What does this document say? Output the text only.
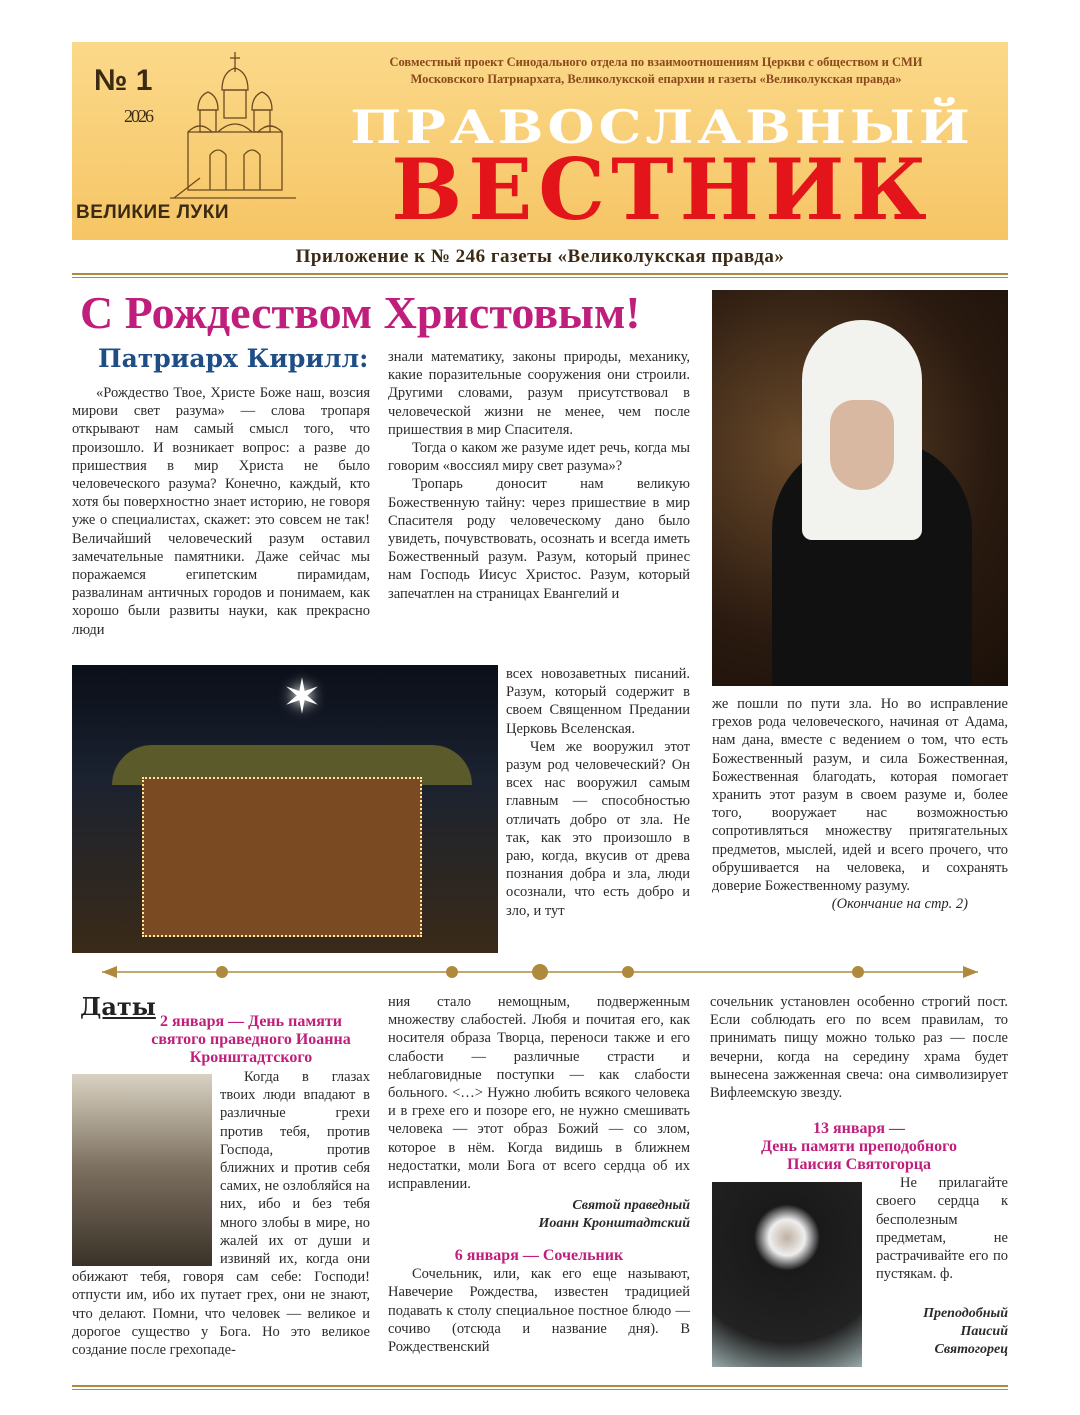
№ 1
2026
ВЕЛИКИЕ ЛУКИ
Совместный проект Синодального отдела по взаимоотношениям Церкви с обществом и СМИ
Московского Патриархата, Великолукской епархии и газеты «Великолукская правда»
ПРАВОСЛАВНЫЙ
ВЕСТНИК
Приложение к № 246 газеты «Великолукская правда»
С Рождеством Христовым!
Патриарх Кирилл:

«Рождество Твое, Христе Боже наш, возсия мирови свет разума» — слова тропаря открывают нам самый смысл того, что произошло. И возникает вопрос: а разве до пришествия в мир Христа не было человеческого разума? Конечно, каждый, кто хотя бы поверхностно знает историю, не говоря уже о специалистах, скажет: это совсем не так! Величайший человеческий разум оставил замечательные памятники. Даже сейчас мы поражаемся египетским пирамидам, развалинам античных городов и понимаем, как хорошо были развиты науки, как прекрасно люди

знали математику, законы природы, механику, какие поразительные сооружения они строили. Другими словами, разум присутствовал в человеческой жизни не менее, чем после пришествия в мир Спасителя.

Тогда о каком же разуме идет речь, когда мы говорим «воссиял миру свет разума»?

Тропарь доносит нам великую Божественную тайну: через пришествие в мир Спасителя роду человеческому дано было увидеть, почувствовать, осознать и всегда иметь Божественный разум. Разум, который принес нам Господь Иисус Христос. Разум, который запечатлен на страницах Евангелий и

✶	всех новозаветных писаний. Разум, который содержит в своем Священном Предании Церковь Вселенская.

Чем же вооружил этот разум род человеческий? Он всех нас вооружил самым главным — способностью отличать добро от зла. Не так, как это произошло в раю, когда, вкусив от древа познания добра и зла, люди осознали, что есть добро и зло, и тут

же пошли по пути зла. Но во исправление грехов рода человеческого, начиная от Адама, нам дана, вместе с ведением о том, что есть Божественный разум, и сила Божественная, Божественная благодать, которая помогает хранить этот разум в своем разуме и, более того, вооружает нас возможностью сопротивляться множеству притягательных предметов, мыслей, идей и всего прочего, что обрушивается на человека, и сохранять доверие Божественному разуму.

(Окончание на стр. 2)
Даты
2 января — День памяти святого праведного Иоанна Кронштадтского

Когда в глазах твоих люди впадают в различные грехи против тебя, против Господа, против ближних и против себя самих, не озлобляйся на них, ибо и без тебя много злобы в мире, но жалей их от души и извиняй их, когда они обижают тебя, говоря сам себе: Господи! отпусти им, ибо их путает грех, они не знают, что делают. Помни, что человек — великое и дорогое существо у Бога. Но это великое создание после грехопаде-

ния стало немощным, подверженным множеству слабостей. Любя и почитая его, как носителя образа Творца, переноси также и его слабости — различные страсти и неблаговидные поступки — как слабости больного. <…> Нужно любить всякого человека и в грехе его и позоре его, не нужно смешивать человека — этот образ Божий — со злом, которое в нём. Когда видишь в ближнем недостатки, моли Бога от всего сердца об их исправлении.

Святой праведный
Иоанн Кронштадтский
6 января — Сочельник

Сочельник, или, как его еще называют, Навечерие Рождества, известен традицией подавать к столу специальное постное блюдо — сочиво (отсюда и название дня). В Рождественский

сочельник установлен особенно строгий пост. Если соблюдать его по всем правилам, то принимать пищу можно только раз — после вечерни, когда на середину храма будет вынесена зажженная свеча: она символизирует Вифлеемскую звезду.

13 января —
День памяти преподобного
Паисия Святогорца

Не прилагайте своего сердца к бесполезным предметам, не растрачивайте его по пустякам. ф.

Преподобный
Паисий
Святогорец
